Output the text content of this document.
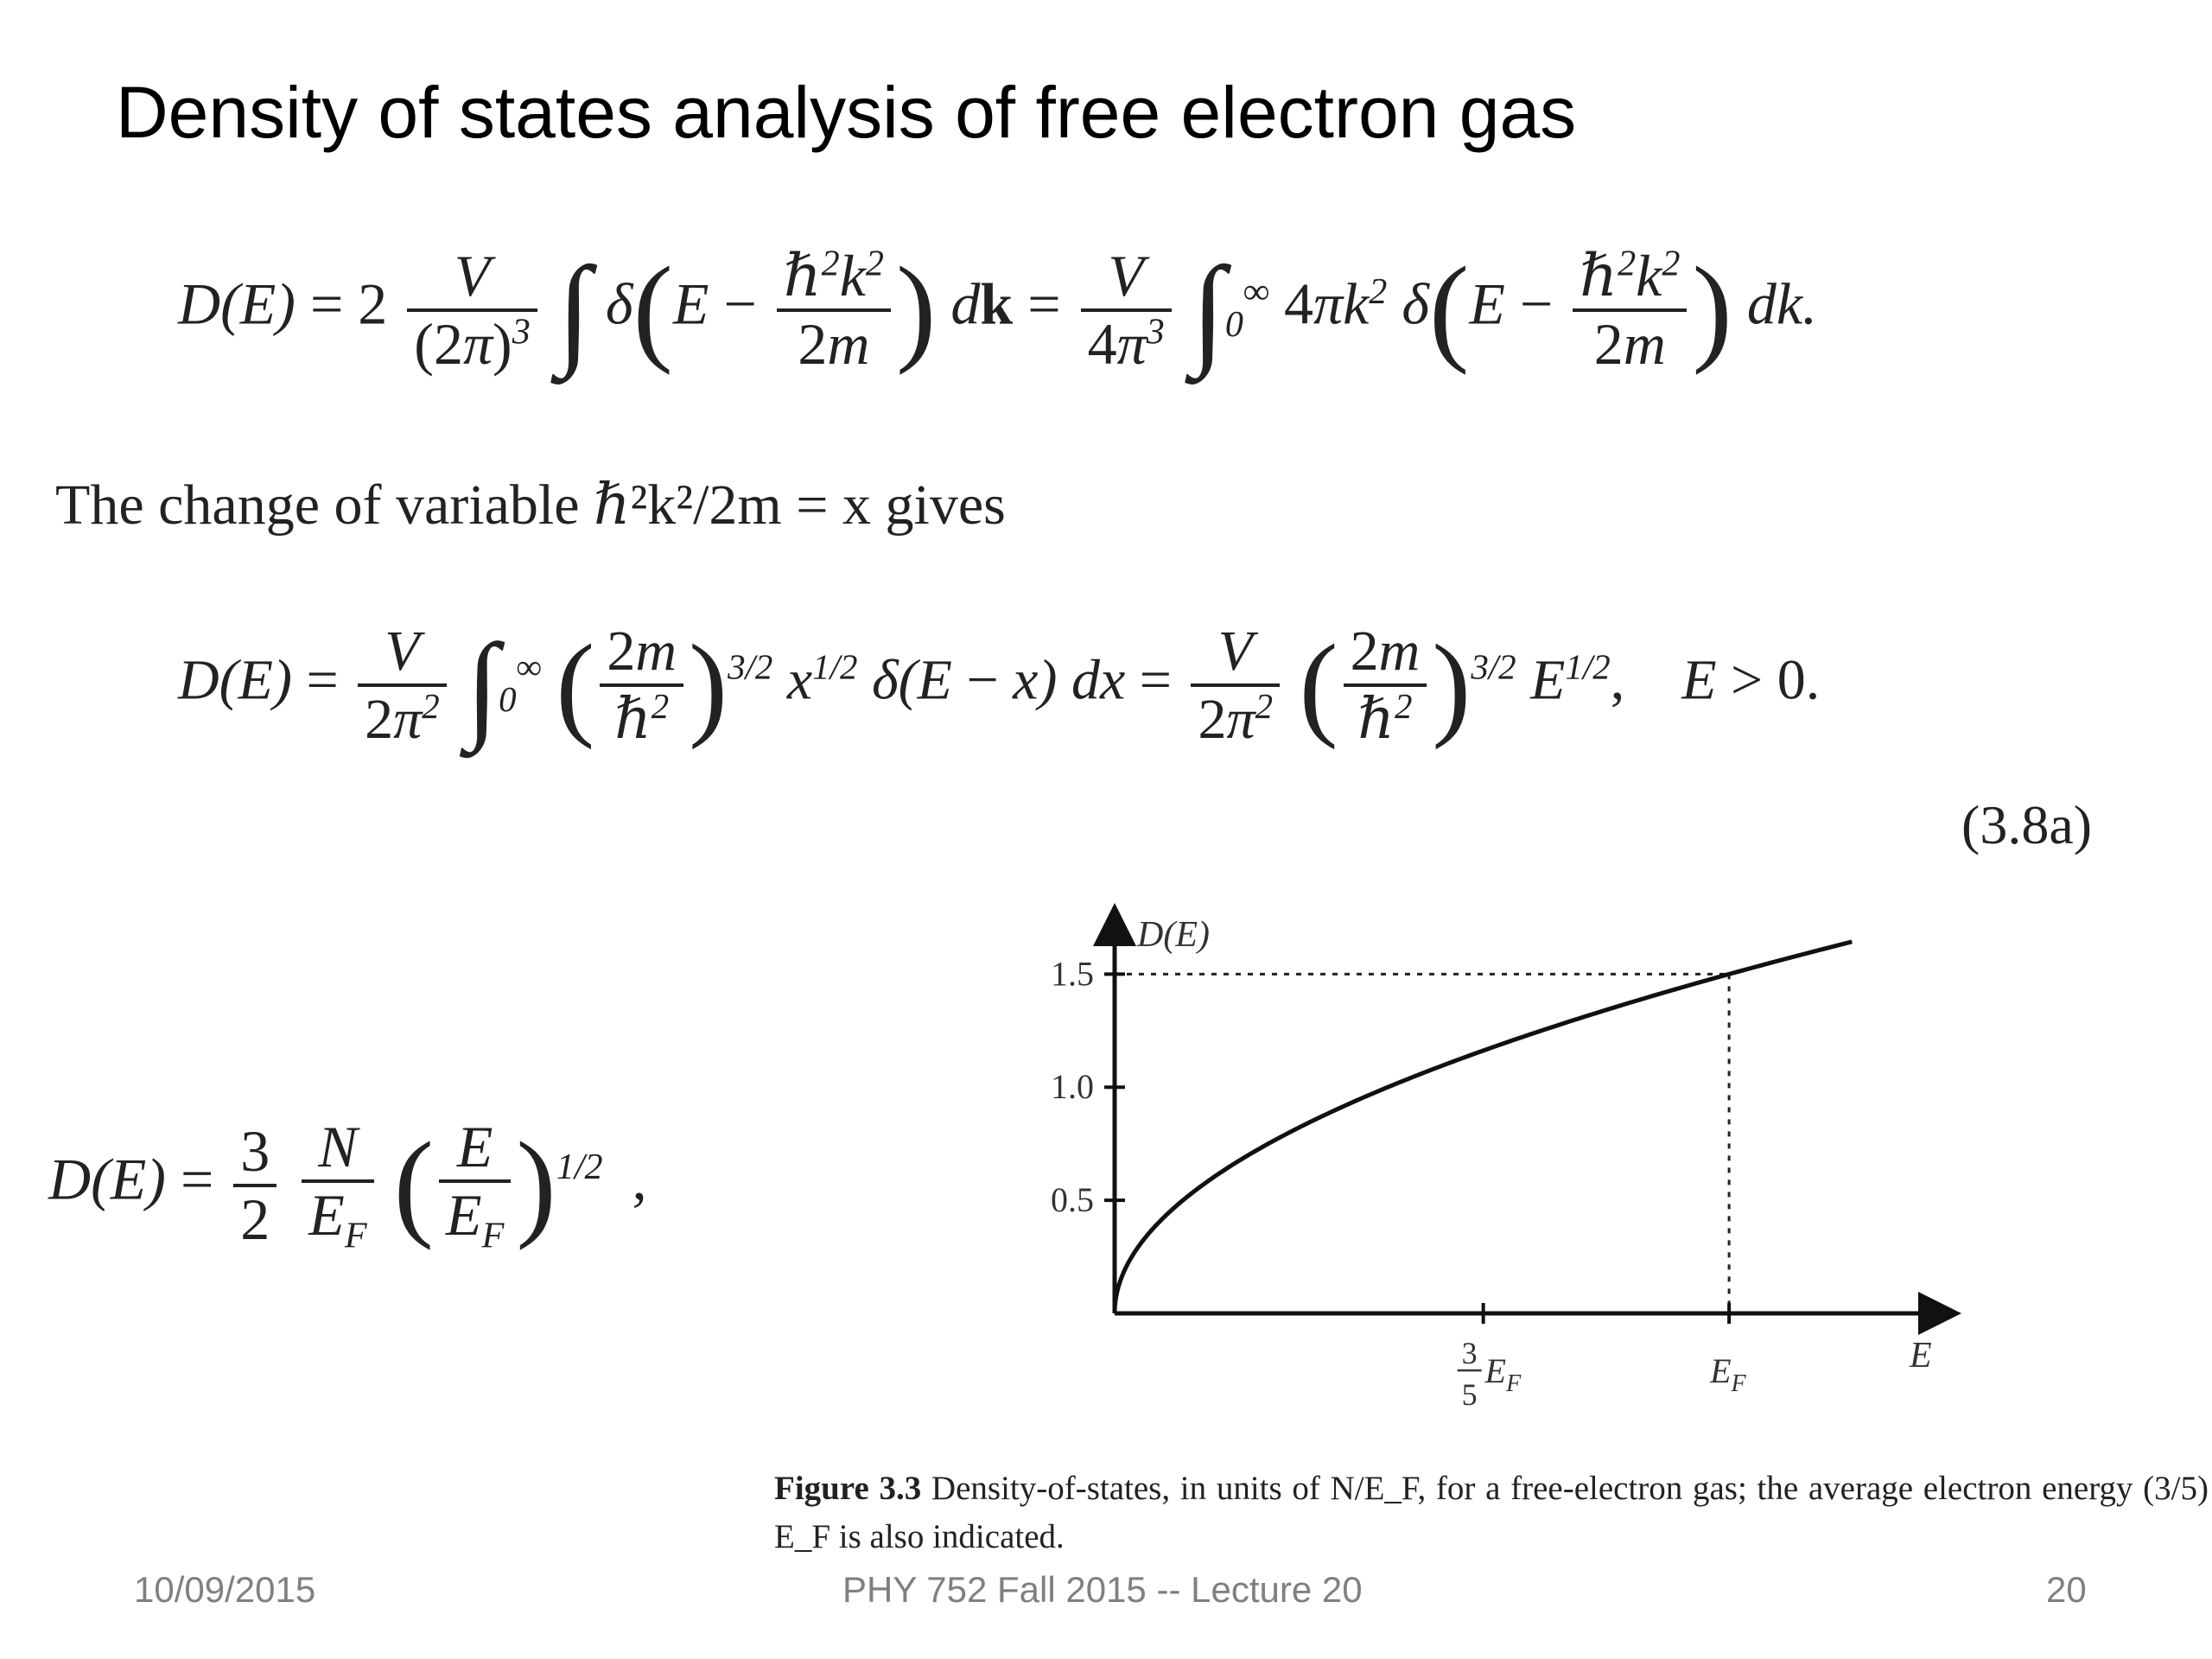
Density of states analysis of free electron gas
$D(E) = 2 \frac{V}{(2\pi)^3}$ ∫ $\delta(E - \frac{\hbar^2k^2}{2m}$ ) dk = $\frac{V}{4\pi^3} \int_0^\infty$ $4\pi k^2$ $\delta(E - \frac{\hbar^2k^2}{2m}$ ) dk.
The change of variable ℏ²k²/2m = x gives
$D(E) = \frac{V}{2\pi^2} \int_0^\infty$ ( $\frac{2m}{\hbar^2} )^{3/2}$ $x^{1/2}$ δ(E − x) dx = $\frac{V}{2\pi^2}$ ( $\frac{2m}{\hbar^2} )^{3/2}$ $E^{1/2}$,    E > 0.
(3.8a)
$D(E) = \frac{3}{2}$
$\frac{N}{E_F}$ ( $\frac{E}{E_F} )^{1/2}$ ,
1.5
1.0
0.5
3
5
$E_F$	$E_F$
E
D(E)
Figure 3.3 Density-of-states, in units of N/E_F, for a free-electron gas; the average electron energy (3/5) E_F is also indicated.
10/09/2015	PHY 752 Fall 2015 -- Lecture 20	20
